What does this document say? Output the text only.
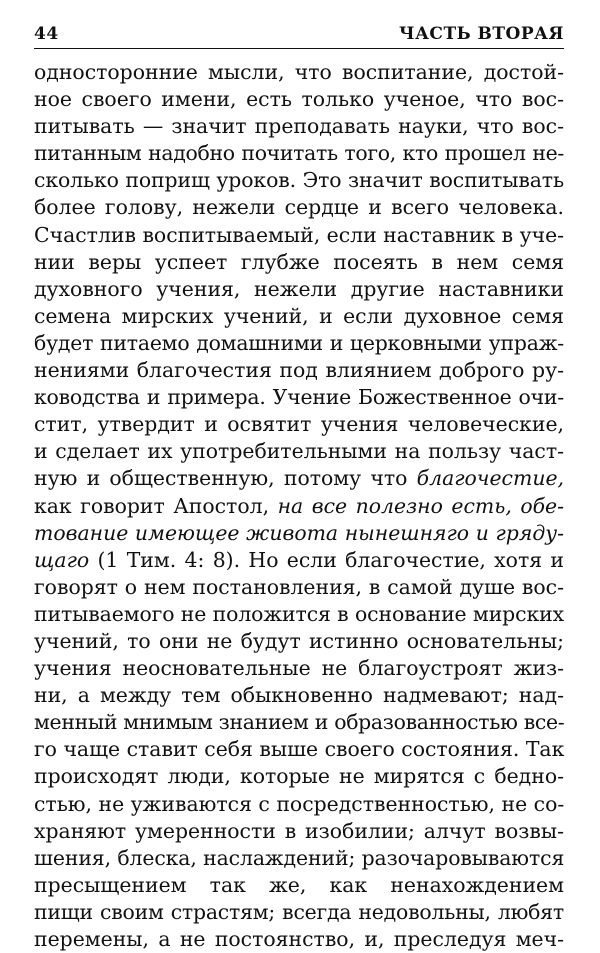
44	ЧАСТЬ ВТОРАЯ
односторонние мысли, что воспитание, достой-
ное своего имени, есть только ученое, что вос-
питывать — значит преподавать науки, что вос-
питанным надобно почитать того, кто прошел не-
сколько поприщ уроков. Это значит воспитывать
более голову, нежели сердце и всего человека.
Счастлив воспитываемый, если наставник в уче-
нии веры успеет глубже посеять в нем семя
духовного учения, нежели другие наставники
семена мирских учений, и если духовное семя
будет питаемо домашними и церковными упраж-
нениями благочестия под влиянием доброго ру-
ководства и примера. Учение Божественное очи-
стит, утвердит и освятит учения человеческие,
и сделает их употребительными на пользу част-
ную и общественную, потому что благочестие,
как говорит Апостол, на все полезно есть, обе-
тование имеющее живота нынешняго и гряду-
щаго (1 Тим. 4: 8). Но если благочестие, хотя и
говорят о нем постановления, в самой душе вос-
питываемого не положится в основание мирских
учений, то они не будут истинно основательны;
учения неосновательные не благоустроят жиз-
ни, а между тем обыкновенно надмевают; над-
менный мнимым знанием и образованностью все-
го чаще ставит себя выше своего состояния. Так
происходят люди, которые не мирятся с бедно-
стью, не уживаются с посредственностью, не со-
храняют умеренности в изобилии; алчут возвы-
шения, блеска, наслаждений; разочаровываются
пресыщением так же, как ненахождением
пищи своим страстям; всегда недовольны, любят
перемены, а не постоянство, и, преследуя меч-
